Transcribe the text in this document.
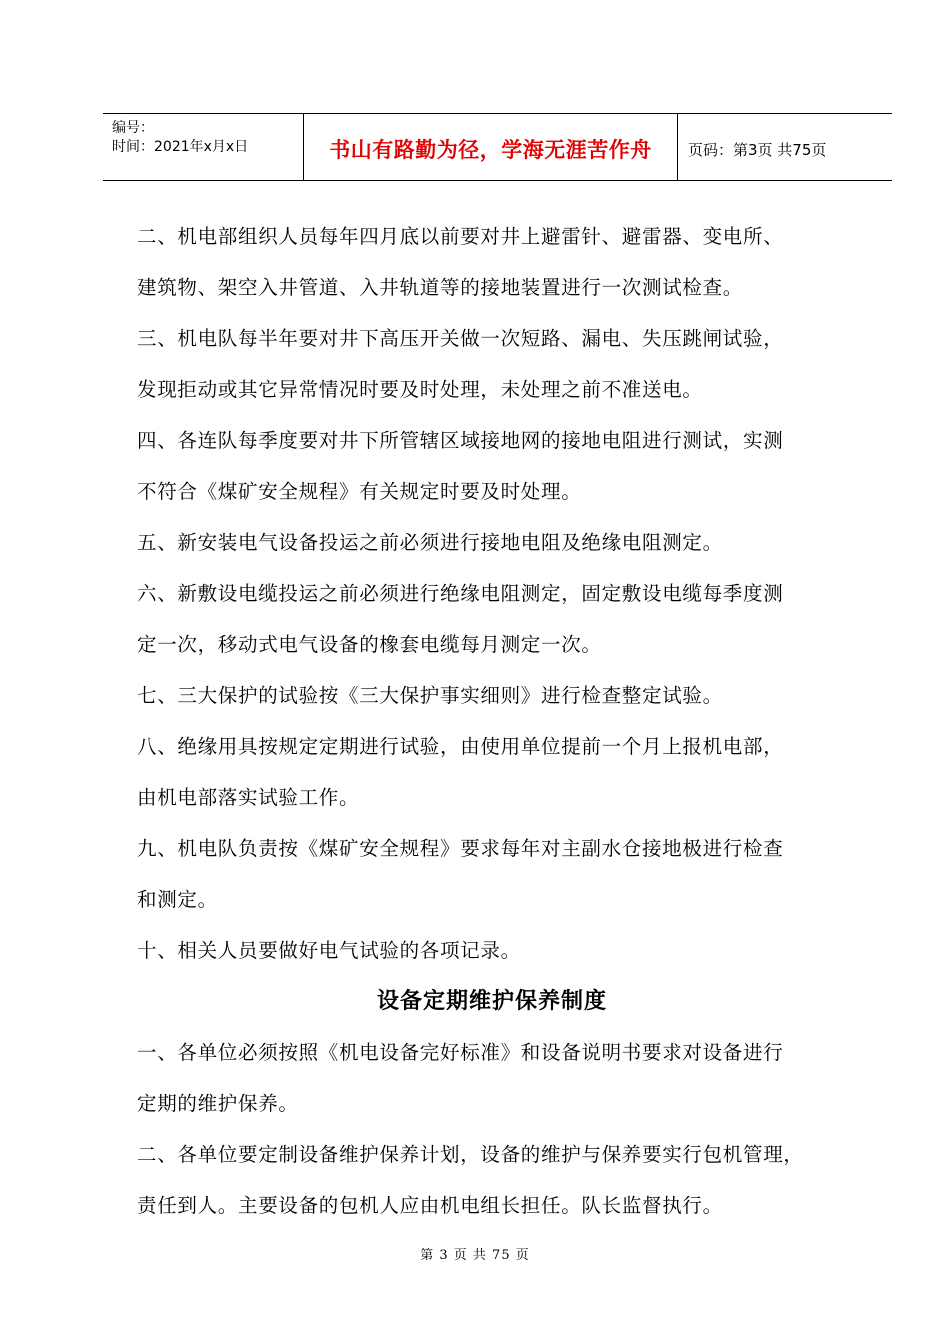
编号：
时间：2021年x月x日	书山有路勤为径，学海无涯苦作舟	页码：第3页 共75页

二、机电部组织人员每年四月底以前要对井上避雷针、避雷器、变电所、

建筑物、架空入井管道、入井轨道等的接地装置进行一次测试检查。

三、机电队每半年要对井下高压开关做一次短路、漏电、失压跳闸试验，

发现拒动或其它异常情况时要及时处理，未处理之前不准送电。

四、各连队每季度要对井下所管辖区域接地网的接地电阻进行测试，实测

不符合《煤矿安全规程》有关规定时要及时处理。

五、新安装电气设备投运之前必须进行接地电阻及绝缘电阻测定。

六、新敷设电缆投运之前必须进行绝缘电阻测定，固定敷设电缆每季度测

定一次，移动式电气设备的橡套电缆每月测定一次。

七、三大保护的试验按《三大保护事实细则》进行检查整定试验。

八、绝缘用具按规定定期进行试验，由使用单位提前一个月上报机电部，

由机电部落实试验工作。

九、机电队负责按《煤矿安全规程》要求每年对主副水仓接地极进行检查

和测定。

十、相关人员要做好电气试验的各项记录。

设备定期维护保养制度

一、各单位必须按照《机电设备完好标准》和设备说明书要求对设备进行

定期的维护保养。

二、各单位要定制设备维护保养计划，设备的维护与保养要实行包机管理，

责任到人。主要设备的包机人应由机电组长担任。队长监督执行。

第 3 页 共 75 页
